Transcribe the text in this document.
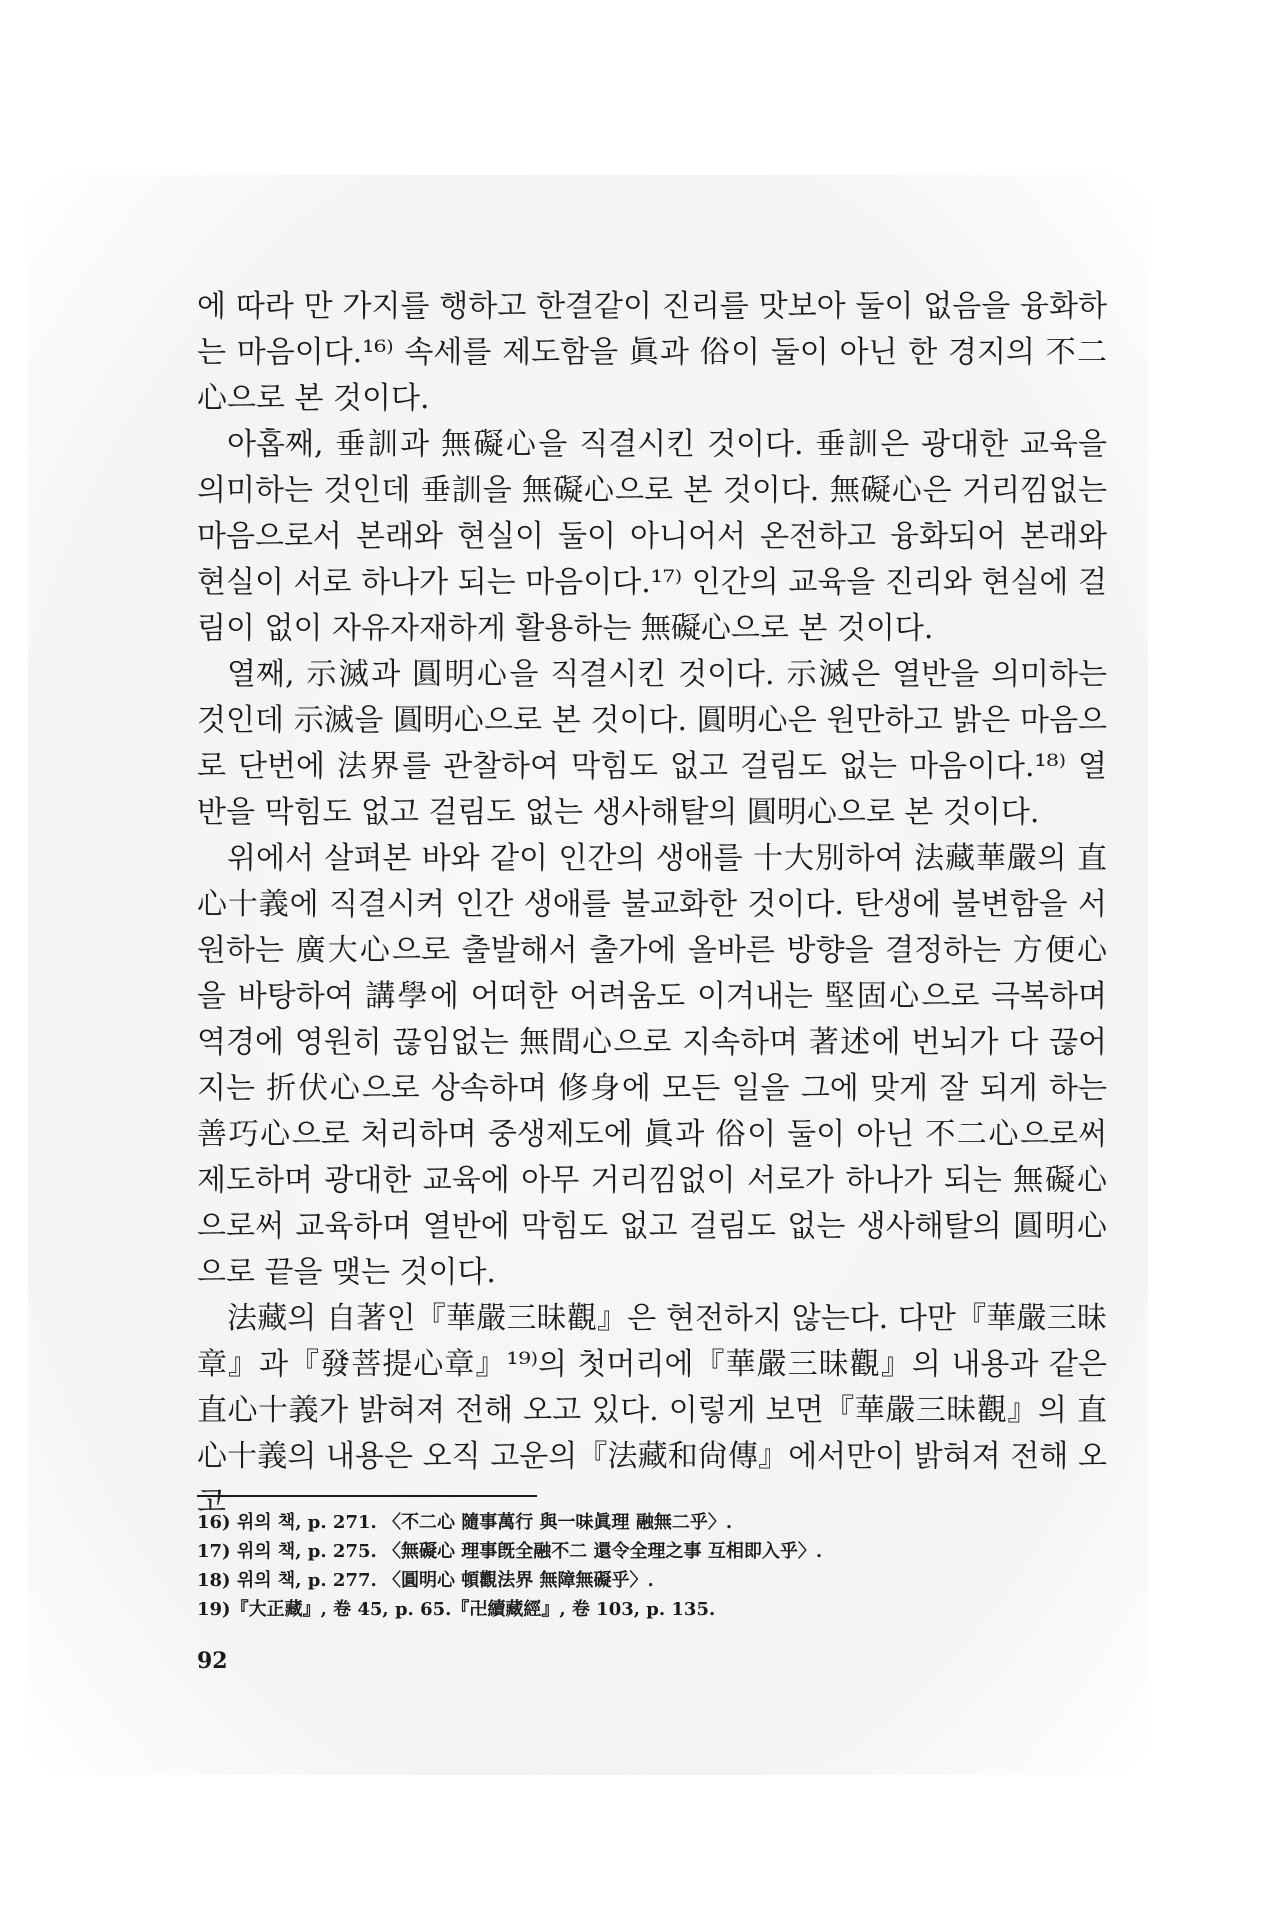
에 따라 만 가지를 행하고 한결같이 진리를 맛보아 둘이 없음을 융화하는 마음이다.¹⁶⁾ 속세를 제도함을 眞과 俗이 둘이 아닌 한 경지의 不二心으로 본 것이다.

아홉째, 垂訓과 無礙心을 직결시킨 것이다. 垂訓은 광대한 교육을 의미하는 것인데 垂訓을 無礙心으로 본 것이다. 無礙心은 거리낌없는 마음으로서 본래와 현실이 둘이 아니어서 온전하고 융화되어 본래와 현실이 서로 하나가 되는 마음이다.¹⁷⁾ 인간의 교육을 진리와 현실에 걸림이 없이 자유자재하게 활용하는 無礙心으로 본 것이다.

열째, 示滅과 圓明心을 직결시킨 것이다. 示滅은 열반을 의미하는 것인데 示滅을 圓明心으로 본 것이다. 圓明心은 원만하고 밝은 마음으로 단번에 法界를 관찰하여 막힘도 없고 걸림도 없는 마음이다.¹⁸⁾ 열반을 막힘도 없고 걸림도 없는 생사해탈의 圓明心으로 본 것이다.

위에서 살펴본 바와 같이 인간의 생애를 十大別하여 法藏華嚴의 直心十義에 직결시켜 인간 생애를 불교화한 것이다. 탄생에 불변함을 서원하는 廣大心으로 출발해서 출가에 올바른 방향을 결정하는 方便心을 바탕하여 講學에 어떠한 어려움도 이겨내는 堅固心으로 극복하며 역경에 영원히 끊임없는 無間心으로 지속하며 著述에 번뇌가 다 끊어지는 折伏心으로 상속하며 修身에 모든 일을 그에 맞게 잘 되게 하는 善巧心으로 처리하며 중생제도에 眞과 俗이 둘이 아닌 不二心으로써 제도하며 광대한 교육에 아무 거리낌없이 서로가 하나가 되는 無礙心으로써 교육하며 열반에 막힘도 없고 걸림도 없는 생사해탈의 圓明心으로 끝을 맺는 것이다.

法藏의 自著인『華嚴三昧觀』은 현전하지 않는다. 다만『華嚴三昧章』과『發菩提心章』¹⁹⁾의 첫머리에『華嚴三昧觀』의 내용과 같은 直心十義가 밝혀져 전해 오고 있다. 이렇게 보면『華嚴三昧觀』의 直心十義의 내용은 오직 고운의『法藏和尙傳』에서만이 밝혀져 전해 오고

16) 위의 책, p. 271. 〈不二心 隨事萬行 與一味眞理 融無二乎〉.

17) 위의 책, p. 275. 〈無礙心 理事旣全融不二 還令全理之事 互相即入乎〉.

18) 위의 책, p. 277. 〈圓明心 頓觀法界 無障無礙乎〉.

19)『大正藏』, 卷 45, p. 65.『卍續藏經』, 卷 103, p. 135.

92
